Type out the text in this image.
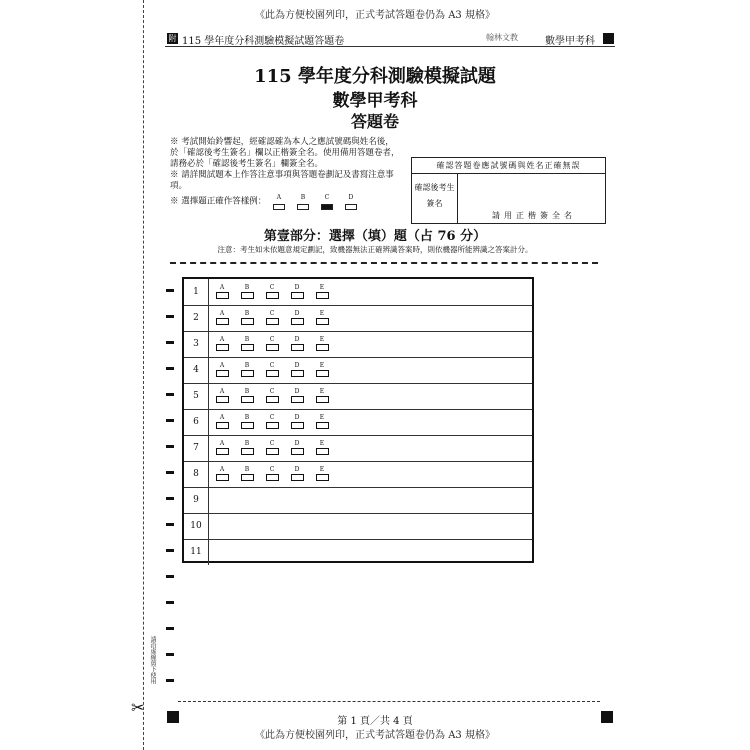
《此為方便校園列印，正式考試答題卷仍為 A3 規格》
附 115 學年度分科測驗模擬試題答題卷	翰林文教	數學甲考科
115 學年度分科測驗模擬試題
數學甲考科
答題卷

※ 考試開始鈴響起，經確認確為本人之應試號碼與姓名後，於「確認後考生簽名」欄以正楷簽全名。使用備用答題卷者，請務必於「確認後考生簽名」欄簽全名。

※ 請詳閱試題本上作答注意事項與答題卷劃記及書寫注意事項。

※ 選擇題正確作答樣例： A	B	C	D

確認答題卷應試號碼與姓名正確無誤
確認後考生簽名
請用正楷簽全名
第壹部分：選擇（填）題（占 76 分）
注意：考生如未依題意規定劃記，致機器無法正確辨識答案時，則依機器所能辨識之答案計分。
1	A	B	C	D	E
2	A	B	C	D	E
3	A	B	C	D	E
4	A	B	C	D	E
5	A	B	C	D	E
6	A	B	C	D	E
7	A	B	C	D	E
8	A	B	C	D	E
9
10
11
請沿虛線剪下使用
✂
第 1 頁／共 4 頁
《此為方便校園列印，正式考試答題卷仍為 A3 規格》
